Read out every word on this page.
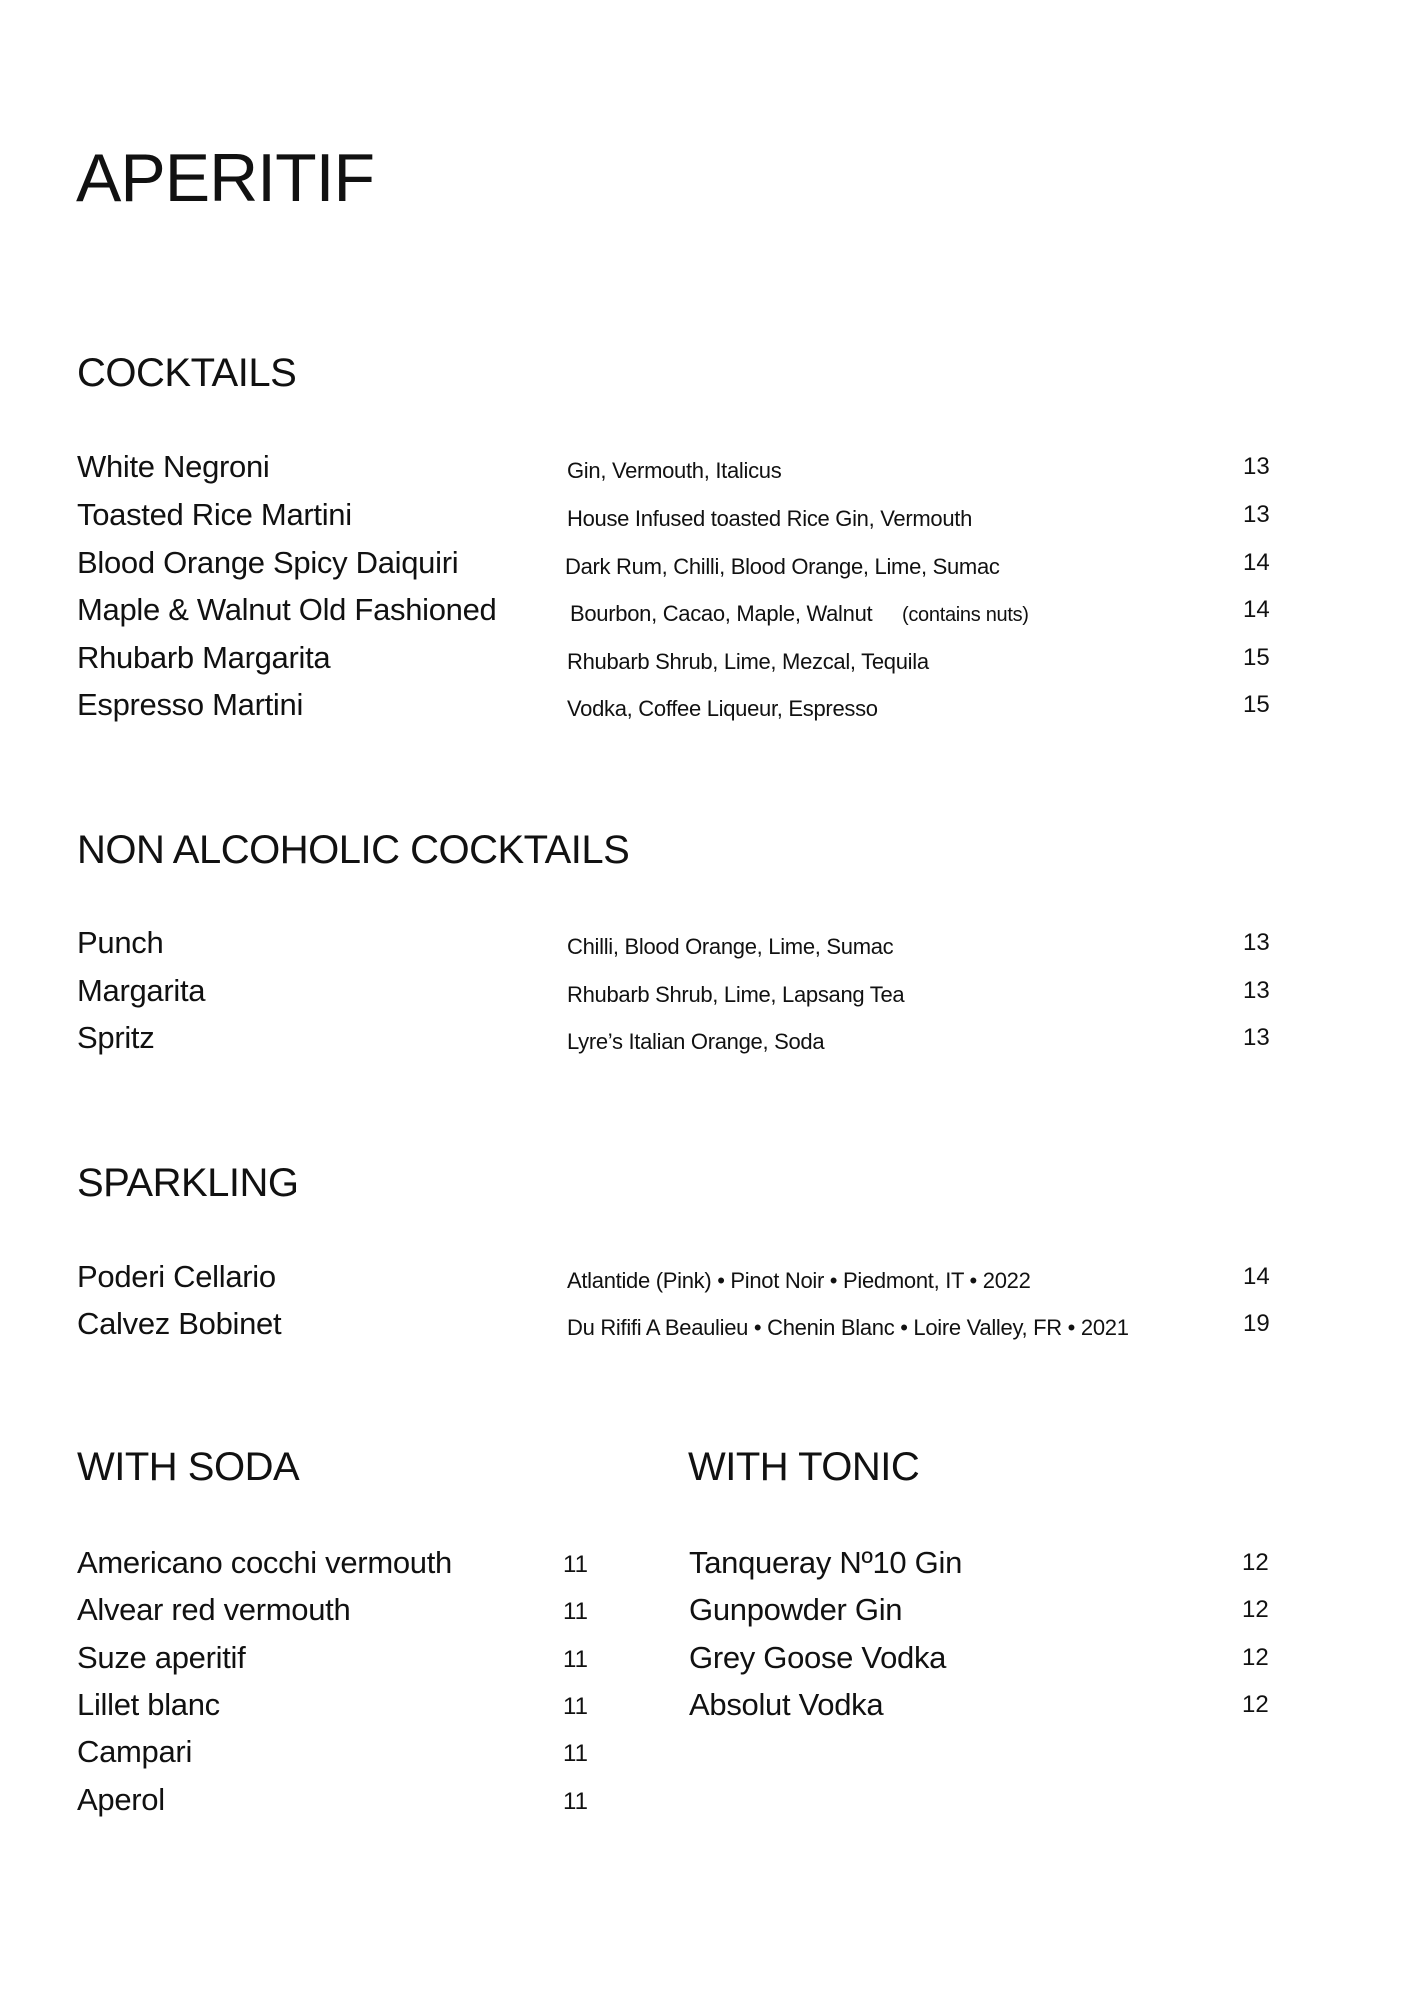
APERITIF
COCKTAILS
White Negroni	Gin, Vermouth, Italicus	13
Toasted Rice Martini	House Infused toasted Rice Gin, Vermouth	13
Blood Orange Spicy Daiquiri	Dark Rum, Chilli, Blood Orange, Lime, Sumac	14
Maple & Walnut Old Fashioned	Bourbon, Cacao, Maple, Walnut (contains nuts)	14
Rhubarb Margarita	Rhubarb Shrub, Lime, Mezcal, Tequila	15
Espresso Martini	Vodka, Coffee Liqueur, Espresso	15
NON ALCOHOLIC COCKTAILS
Punch	Chilli, Blood Orange, Lime, Sumac	13
Margarita	Rhubarb Shrub, Lime, Lapsang Tea	13
Spritz	Lyre’s Italian Orange, Soda	13
SPARKLING
Poderi Cellario	Atlantide (Pink) • Pinot Noir • Piedmont, IT • 2022	14
Calvez Bobinet	Du Rififi A Beaulieu • Chenin Blanc • Loire Valley, FR • 2021	19
WITH SODA
Americano cocchi vermouth	11
Alvear red vermouth	11
Suze aperitif	11
Lillet blanc	11
Campari	11
Aperol	11
WITH TONIC
Tanqueray Nº10 Gin	12
Gunpowder Gin	12
Grey Goose Vodka	12
Absolut Vodka	12
